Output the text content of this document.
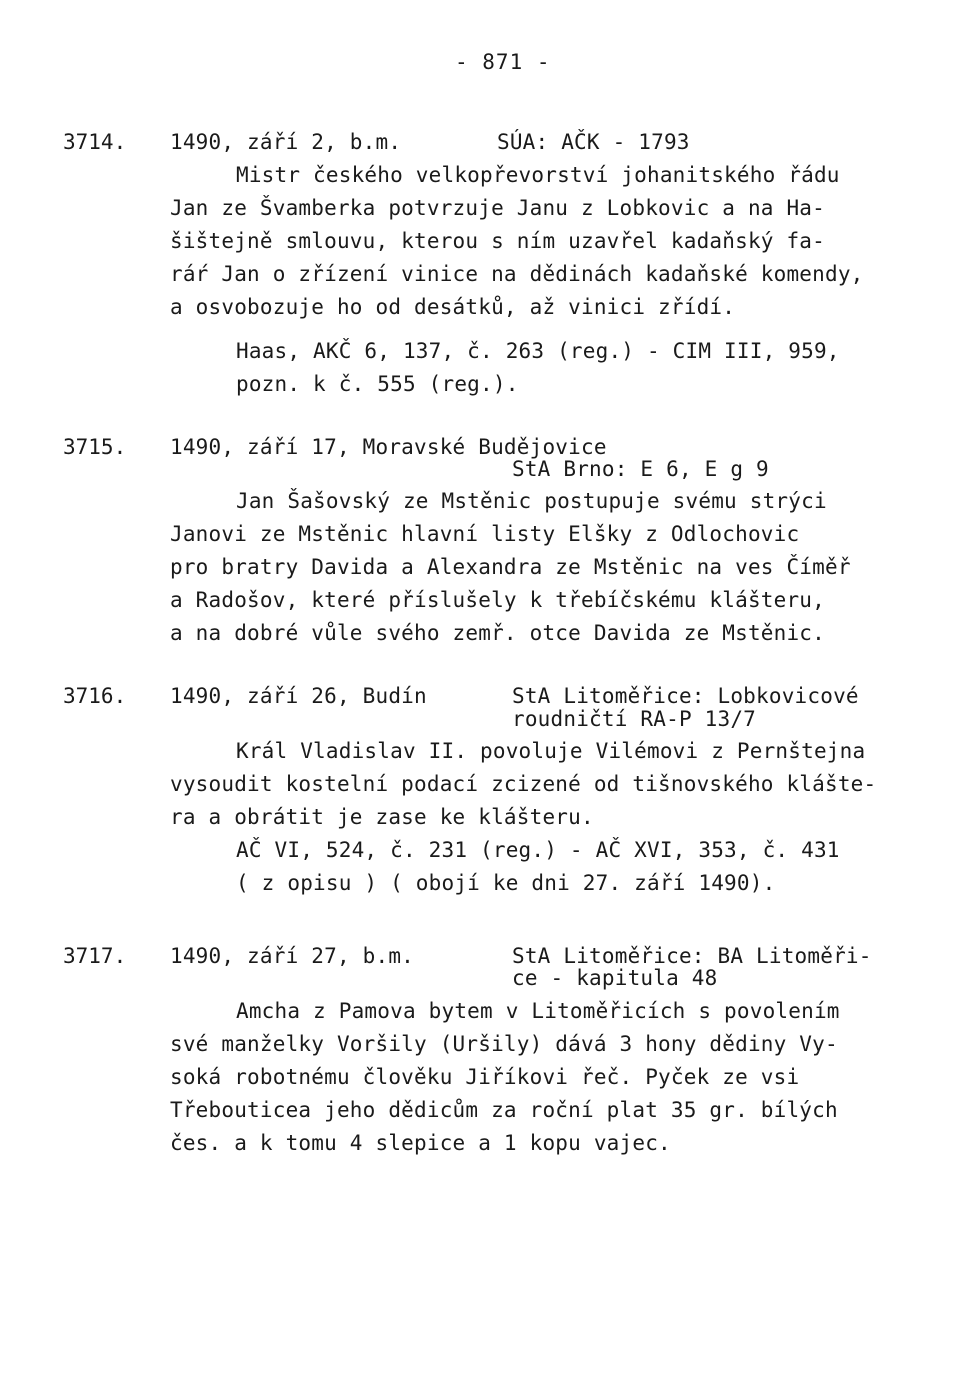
- 871 -
3714. 1490, září 2, b.m.	SÚA: AČK - 1793
Mistr českého velkopřevorství johanitského řádu
Jan ze Švamberka potvrzuje Janu z Lobkovic a na Ha-
šištejně smlouvu, kterou s ním uzavřel kadaňský fa-
ráŕ Jan o zřízení vinice na dědinách kadaňské komendy,
a osvobozuje ho od desátků, až vinici zřídí.
Haas, AKČ 6, 137, č. 263 (reg.) - CIM III, 959,
pozn. k č. 555 (reg.).
3715. 1490, září 17, Moravské Budějovice
StA Brno: E 6, E g 9
Jan Šašovský ze Mstěnic postupuje svému strýci
Janovi ze Mstěnic hlavní listy Elšky z Odlochovic
pro bratry Davida a Alexandra ze Mstěnic na ves Číměř
a Radošov, které příslušely k třebíčskému klášteru,
a na dobré vůle svého zemř. otce Davida ze Mstěnic.
3716. 1490, září 26, Budín	StA Litoměřice: Lobkovicové
roudničtí RA-P 13/7
Král Vladislav II. povoluje Vilémovi z Pernštejna
vysoudit kostelní podací zcizené od tišnovského klášte-
ra a obrátit je zase ke klášteru.
AČ VI, 524, č. 231 (reg.) - AČ XVI, 353, č. 431
( z opisu ) ( obojí ke dni 27. září 1490).
3717. 1490, září 27, b.m.	StA Litoměřice: BA Litoměři-
ce - kapitula 48
Amcha z Pamova bytem v Litoměřicích s povolením
své manželky Voršily (Uršily) dává 3 hony dědiny Vy-
soká robotnému člověku Jiříkovi řeč. Pyček ze vsi
Třebouticea jeho dědicům za roční plat 35 gr. bílých
čes. a k tomu 4 slepice a 1 kopu vajec.
